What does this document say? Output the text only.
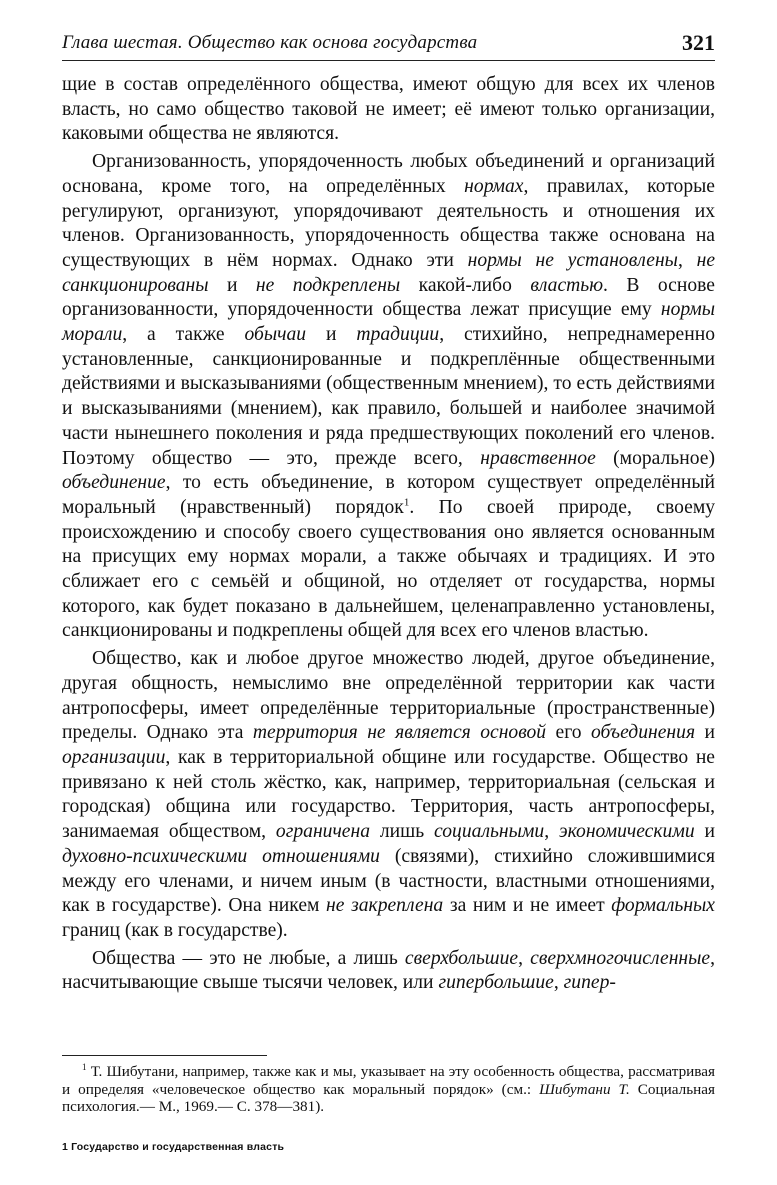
Глава шестая. Общество как основа государства	321

щие в состав определённого общества, имеют общую для всех их членов власть, но само общество таковой не имеет; её имеют только организации, каковыми общества не являются.

Организованность, упорядоченность любых объединений и организаций основана, кроме того, на определённых нормах, правилах, которые регулируют, организуют, упорядочивают деятельность и отношения их членов. Организованность, упорядоченность общества также основана на существующих в нём нормах. Однако эти нормы не установлены, не санкционированы и не подкреплены какой-либо властью. В основе организованности, упорядоченности общества лежат присущие ему нормы морали, а также обычаи и традиции, стихийно, непреднамеренно установленные, санкционированные и подкреплённые общественными действиями и высказываниями (общественным мнением), то есть действиями и высказываниями (мнением), как правило, большей и наиболее значимой части нынешнего поколения и ряда предшествующих поколений его членов. Поэтому общество — это, прежде всего, нравственное (моральное) объединение, то есть объединение, в котором существует определённый моральный (нравственный) порядок$^1$. По своей природе, своему происхождению и способу своего существования оно является основанным на присущих ему нормах морали, а также обычаях и традициях. И это сближает его с семьёй и общиной, но отделяет от государства, нормы которого, как будет показано в дальнейшем, целенаправленно установлены, санкционированы и подкреплены общей для всех его членов властью.

Общество, как и любое другое множество людей, другое объединение, другая общность, немыслимо вне определённой территории как части антропосферы, имеет определённые территориальные (пространственные) пределы. Однако эта территория не является основой его объединения и организации, как в территориальной общине или государстве. Общество не привязано к ней столь жёстко, как, например, территориальная (сельская и городская) община или государство. Территория, часть антропосферы, занимаемая обществом, ограничена лишь социальными, экономическими и духовно-психическими отношениями (связями), стихийно сложившимися между его членами, и ничем иным (в частности, властными отношениями, как в государстве). Она никем не закреплена за ним и не имеет формальных границ (как в государстве).

Общества — это не любые, а лишь сверхбольшие, сверхмногочисленные, насчитывающие свыше тысячи человек, или гипербольшие, гипер-

$^1$ Т. Шибутани, например, также как и мы, указывает на эту особенность общества, рассматривая и определяя «человеческое общество как моральный порядок» (см.: Шибутани Т. Социальная психология.— М., 1969.— С. 378—381).

1 Государство и государственная власть
